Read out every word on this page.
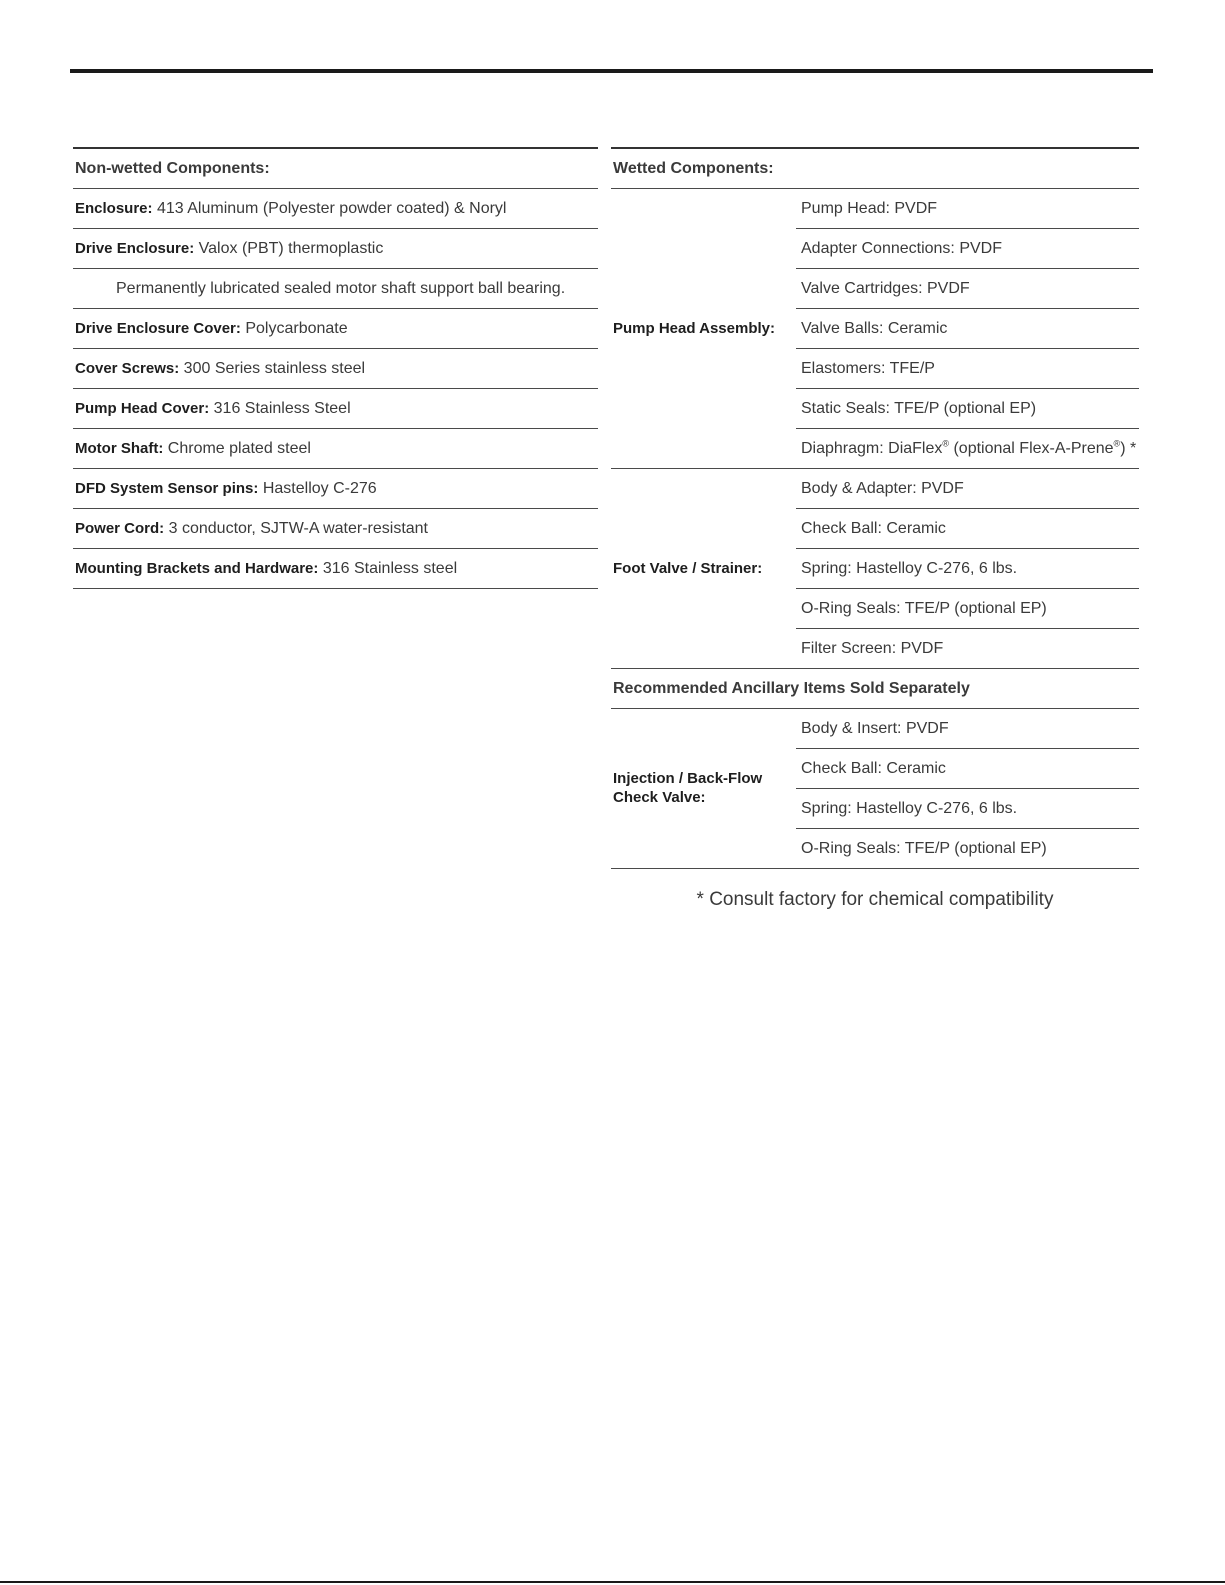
Non-wetted Components:
Enclosure: 413 Aluminum (Polyester powder coated) & Noryl
Drive Enclosure: Valox (PBT) thermoplastic
Permanently lubricated sealed motor shaft support ball bearing.
Drive Enclosure Cover: Polycarbonate
Cover Screws: 300 Series stainless steel
Pump Head Cover: 316 Stainless Steel
Motor Shaft: Chrome plated steel
DFD System Sensor pins: Hastelloy C-276
Power Cord: 3 conductor, SJTW-A water-resistant
Mounting Brackets and Hardware: 316 Stainless steel
Wetted Components:	
Pump Head Assembly:	Pump Head: PVDF
	Adapter Connections: PVDF
	Valve Cartridges: PVDF
	Valve Balls: Ceramic
	Elastomers: TFE/P
	Static Seals: TFE/P (optional EP)
	Diaphragm: DiaFlex® (optional Flex-A-Prene®) *
Foot Valve / Strainer:	Body & Adapter: PVDF
	Check Ball: Ceramic
	Spring: Hastelloy C-276, 6 lbs.
	O-Ring Seals: TFE/P (optional EP)
	Filter Screen: PVDF
Recommended Ancillary Items Sold Separately	
Injection / Back-Flow
Check Valve:	Body & Insert: PVDF
	Check Ball: Ceramic
	Spring: Hastelloy C-276, 6 lbs.
	O-Ring Seals: TFE/P (optional EP)
* Consult factory for chemical compatibility
